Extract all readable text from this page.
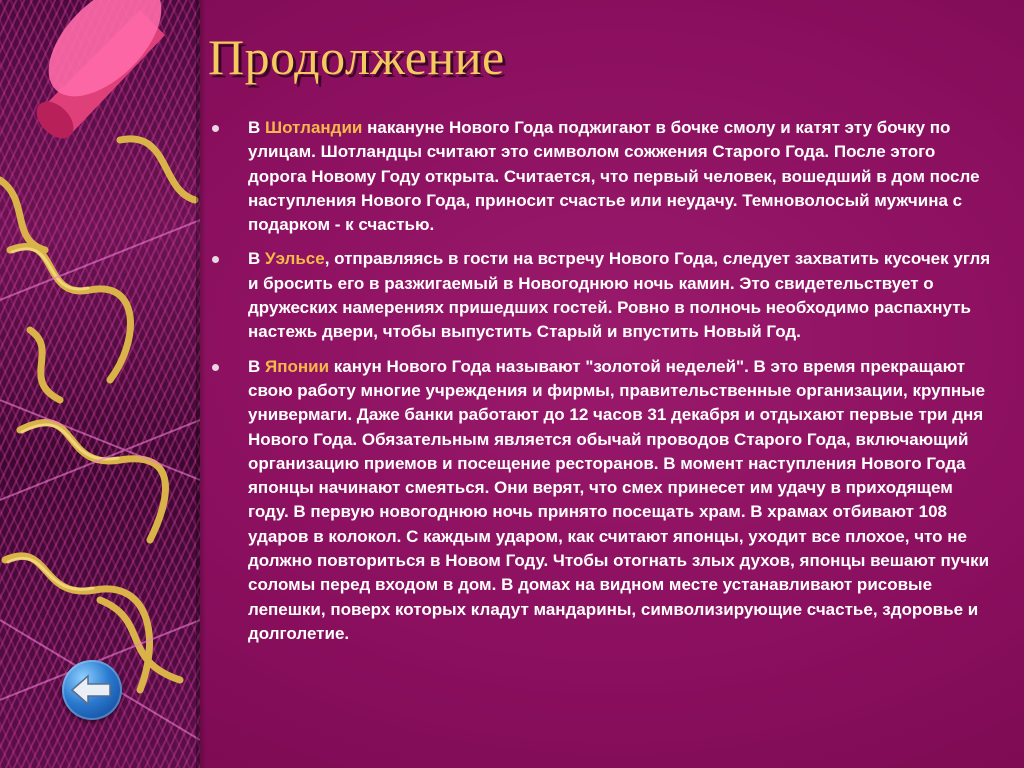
Продолжение
В Шотландии накануне Нового Года поджигают в бочке смолу и катят эту бочку по улицам. Шотландцы считают это символом сожжения Старого Года. После этого дорога Новому Году открыта. Считается, что первый человек, вошедший в дом после наступления Нового Года, приносит счастье или неудачу. Темноволосый мужчина с подарком - к счастью.
В Уэльсе, отправляясь в гости на встречу Нового Года, следует захватить кусочек угля и бросить его в разжигаемый в Новогоднюю ночь камин. Это свидетельствует о дружеских намерениях пришедших гостей. Ровно в полночь необходимо распахнуть настежь двери, чтобы выпустить Старый и впустить Новый Год.
В Японии канун Нового Года называют "золотой неделей". В это время прекращают свою работу многие учреждения и фирмы, правительственные организации, крупные универмаги. Даже банки работают до 12 часов 31 декабря и отдыхают первые три дня Нового Года. Обязательным является обычай проводов Старого Года, включающий организацию приемов и посещение ресторанов. В момент наступления Нового Года японцы начинают смеяться. Они верят, что смех принесет им удачу в приходящем году. В первую новогоднюю ночь принято посещать храм. В храмах отбивают 108 ударов в колокол. С каждым ударом, как считают японцы, уходит все плохое, что не должно повториться в Новом Году. Чтобы отогнать злых духов, японцы вешают пучки соломы перед входом в дом. В домах на видном месте устанавливают рисовые лепешки, поверх которых кладут мандарины, символизирующие счастье, здоровье и долголетие.
